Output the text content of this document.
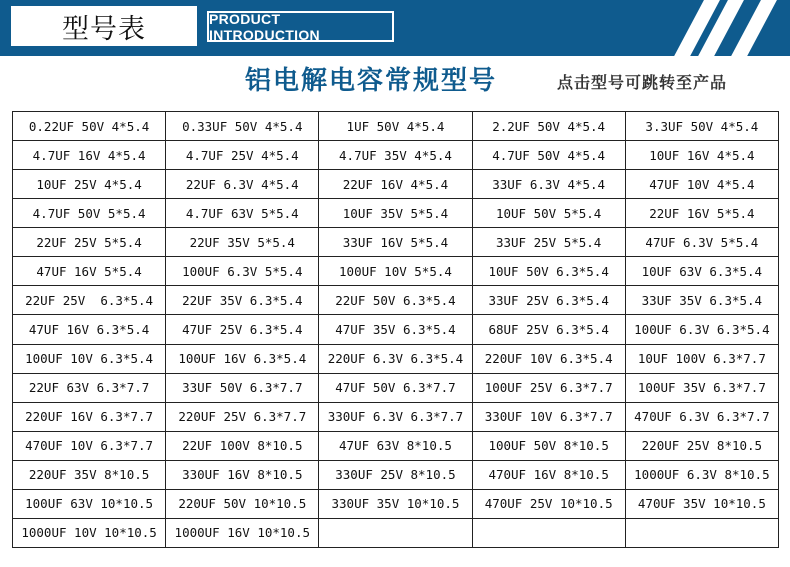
型号表	PRODUCT INTRODUCTION
铝电解电容常规型号	点击型号可跳转至产品
0.22UF 50V 4*5.4	0.33UF 50V 4*5.4	1UF 50V 4*5.4	2.2UF 50V 4*5.4	3.3UF 50V 4*5.4
4.7UF 16V 4*5.4	4.7UF 25V 4*5.4	4.7UF 35V 4*5.4	4.7UF 50V 4*5.4	10UF 16V 4*5.4
10UF 25V 4*5.4	22UF 6.3V 4*5.4	22UF 16V 4*5.4	33UF 6.3V 4*5.4	47UF 10V 4*5.4
4.7UF 50V 5*5.4	4.7UF 63V 5*5.4	10UF 35V 5*5.4	10UF 50V 5*5.4	22UF 16V 5*5.4
22UF 25V 5*5.4	22UF 35V 5*5.4	33UF 16V 5*5.4	33UF 25V 5*5.4	47UF 6.3V 5*5.4
47UF 16V 5*5.4	100UF 6.3V 5*5.4	100UF 10V 5*5.4	10UF 50V 6.3*5.4	10UF 63V 6.3*5.4
22UF 25V  6.3*5.4	22UF 35V 6.3*5.4	22UF 50V 6.3*5.4	33UF 25V 6.3*5.4	33UF 35V 6.3*5.4
47UF 16V 6.3*5.4	47UF 25V 6.3*5.4	47UF 35V 6.3*5.4	68UF 25V 6.3*5.4	100UF 6.3V 6.3*5.4
100UF 10V 6.3*5.4	100UF 16V 6.3*5.4	220UF 6.3V 6.3*5.4	220UF 10V 6.3*5.4	10UF 100V 6.3*7.7
22UF 63V 6.3*7.7	33UF 50V 6.3*7.7	47UF 50V 6.3*7.7	100UF 25V 6.3*7.7	100UF 35V 6.3*7.7
220UF 16V 6.3*7.7	220UF 25V 6.3*7.7	330UF 6.3V 6.3*7.7	330UF 10V 6.3*7.7	470UF 6.3V 6.3*7.7
470UF 10V 6.3*7.7	22UF 100V 8*10.5	47UF 63V 8*10.5	100UF 50V 8*10.5	220UF 25V 8*10.5
220UF 35V 8*10.5	330UF 16V 8*10.5	330UF 25V 8*10.5	470UF 16V 8*10.5	1000UF 6.3V 8*10.5
100UF 63V 10*10.5	220UF 50V 10*10.5	330UF 35V 10*10.5	470UF 25V 10*10.5	470UF 35V 10*10.5
1000UF 10V 10*10.5	1000UF 16V 10*10.5			
